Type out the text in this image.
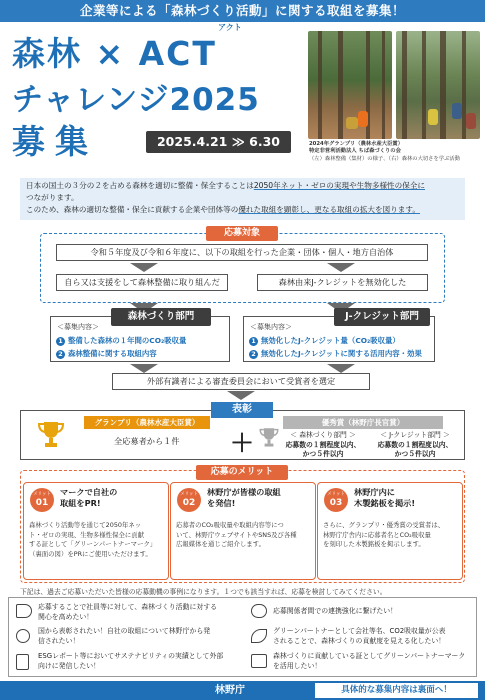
企業等による「森林づくり活動」に関する取組を募集！
森林 × ACT
アクト
チャレンジ2025
募集	2025.4.21 ≫ 6.30	2024年グランプリ（農林水産大臣賞）
特定非営利活動法人 ちば森づくりの会
（左）森林整備（集材）の様子、（右）森林の大切さを学ぶ活動
日本の国土の３分の２を占める森林を適切に整備・保全することは2050年ネット・ゼロの実現や生物多様性の保全に
つながります。
このため、森林の適切な整備・保全に貢献する企業や団体等の優れた取組を顕彰し、更なる取組の拡大を図ります。
応募対象
令和５年度及び令和６年度に、以下の取組を行った企業・団体・個人・地方自治体
自ら又は支援をして森林整備に取り組んだ	森林由来J-クレジットを無効化した
森林づくり部門
＜募集内容＞
1 整備した森林の１年間のCO₂吸収量
2 森林整備に関する取組内容
J-クレジット部門
＜募集内容＞
1 無効化したJ-クレジット量（CO₂吸収量）
2 無効化したJ-クレジットに関する活用内容・効果
外部有識者による審査委員会において受賞者を選定
表彰
グランプリ（農林水産大臣賞）
全応募者から１件 ＋
優秀賞（林野庁長官賞）
＜ 森林づくり部門 ＞
応募数の１割程度以内、
かつ５件以内
＜ J-クレジット部門 ＞
応募数の１割程度以内、
かつ５件以内
応募のメリット
メリット
01
マークで自社の
取組をPR!
森林づくり活動等を通じて2050年ネッ
ト・ゼロの実現、生物多様性保全に貢献
する証として「グリーンパートナーマーク」
（裏面の図）をPRにご使用いただけます。
メリット
02
林野庁が皆様の取組
を発信!
応募者のCO₂吸収量や取組内容等につ
いて、林野庁ウェブサイトやSNS及び各種
広報媒体を通じご紹介します。
メリット
03
林野庁内に
木製銘板を掲示!
さらに、グランプリ・優秀賞の受賞者は、
林野庁庁舎内に応募者名とCO₂吸収量
を刻印した木製銘板を掲示します。
下記は、過去ご応募いただいた皆様の応募動機の事例になります。１つでも該当すれば、応募を検討してみてください。
応募することで社員等に対して、森林づくり活動に対する
関心を高めたい！
応募関係者間での連携強化に繋げたい！
国から表彰されたい！自社の取組について林野庁から発
信されたい！
グリーンパートナーとして会社等名、CO2吸収量が公表
されることで、森林づくりの貢献度を見える化したい！
ESGレポート等においてサステナビリティの実績として外部
向けに発信したい！
森林づくりに貢献している証としてグリーンパートナーマーク
を活用したい！
林野庁	具体的な募集内容は裏面へ！
